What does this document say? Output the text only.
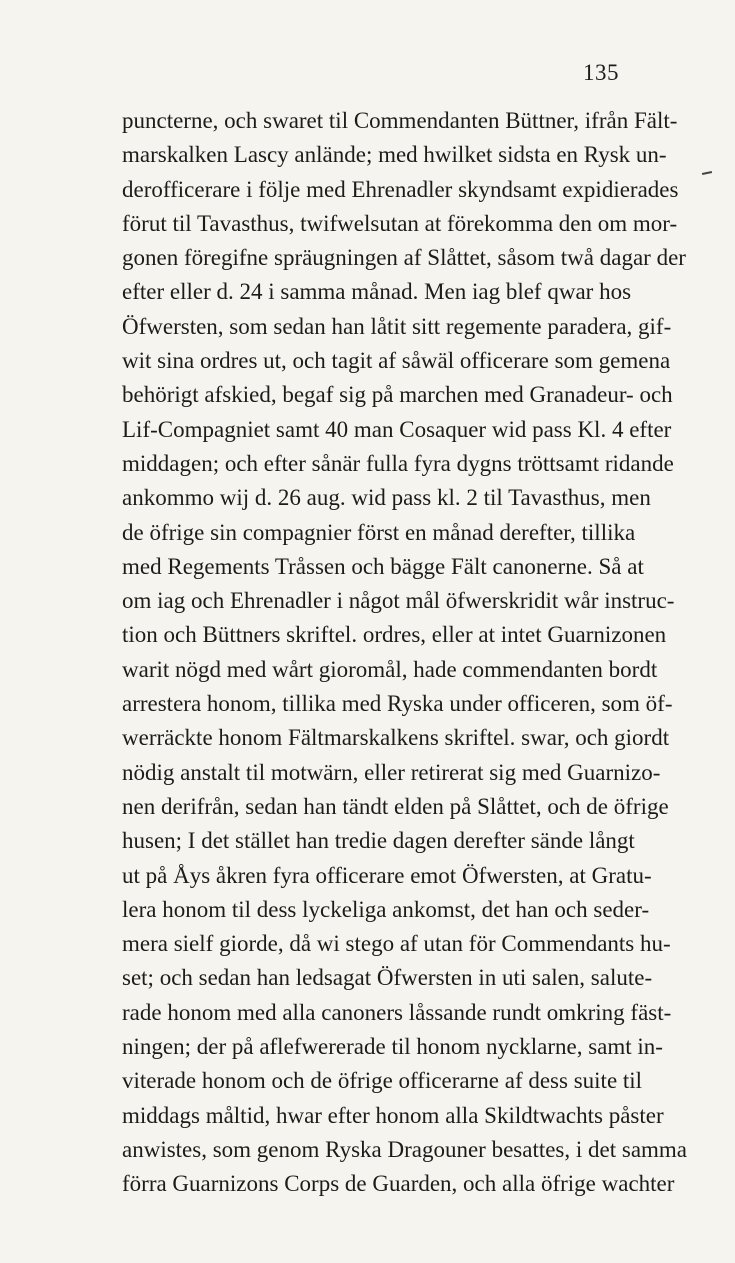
135
puncterne, och swaret til Commendanten Büttner, ifrån Fält-
marskalken Lascy anlände; med hwilket sidsta en Rysk un-
derofficerare i följe med Ehrenadler skyndsamt expidierades
förut til Tavasthus, twifwelsutan at förekomma den om mor-
gonen föregifne spräugningen af Slåttet, såsom twå dagar der
efter eller d. 24 i samma månad. Men iag blef qwar hos
Öfwersten, som sedan han låtit sitt regemente paradera, gif-
wit sina ordres ut, och tagit af såwäl officerare som gemena
behörigt afskied, begaf sig på marchen med Granadeur- och
Lif-Compagniet samt 40 man Cosaquer wid pass Kl. 4 efter
middagen; och efter sånär fulla fyra dygns tröttsamt ridande
ankommo wij d. 26 aug. wid pass kl. 2 til Tavasthus, men
de öfrige sin compagnier först en månad derefter, tillika
med Regements Tråssen och bägge Fält canonerne. Så at
om iag och Ehrenadler i något mål öfwerskridit wår instruc-
tion och Büttners skriftel. ordres, eller at intet Guarnizonen
warit nögd med wårt gioromål, hade commendanten bordt
arrestera honom, tillika med Ryska under officeren, som öf-
werräckte honom Fältmarskalkens skriftel. swar, och giordt
nödig anstalt til motwärn, eller retirerat sig med Guarnizo-
nen derifrån, sedan han tändt elden på Slåttet, och de öfrige
husen; I det stället han tredie dagen derefter sände långt
ut på Åys åkren fyra officerare emot Öfwersten, at Gratu-
lera honom til dess lyckeliga ankomst, det han och seder-
mera sielf giorde, då wi stego af utan för Commendants hu-
set; och sedan han ledsagat Öfwersten in uti salen, salute-
rade honom med alla canoners låssande rundt omkring fäst-
ningen; der på aflefwererade til honom nycklarne, samt in-
viterade honom och de öfrige officerarne af dess suite til
middags måltid, hwar efter honom alla Skildtwachts påster
anwistes, som genom Ryska Dragouner besattes, i det samma
förra Guarnizons Corps de Guarden, och alla öfrige wachter
